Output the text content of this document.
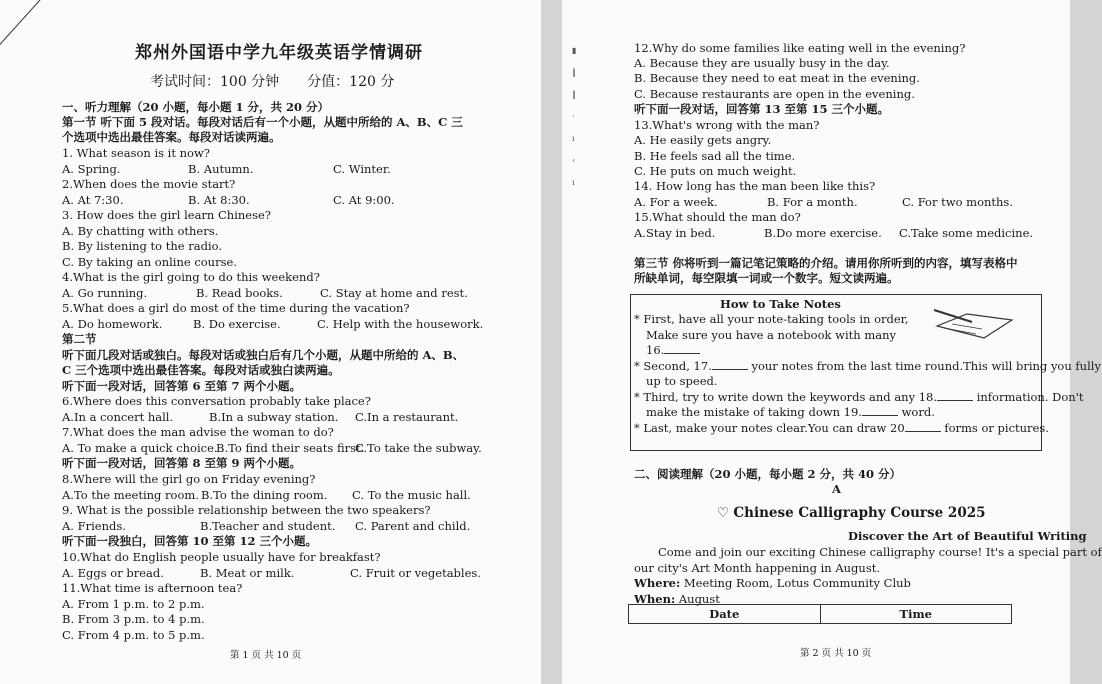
郑州外国语中学九年级英语学情调研
考试时间：100 分钟　　分值：120 分
一、听力理解（20 小题，每小题 1 分，共 20 分）
第一节 听下面 5 段对话。每段对话后有一个小题，从题中所给的 A、B、C 三
个选项中选出最佳答案。每段对话读两遍。
1. What season is it now?
A. Spring.	B. Autumn.	C. Winter.
2.When does the movie start?
A. At 7:30.	B. At 8:30.	C. At 9:00.
3. How does the girl learn Chinese?
A. By chatting with others.
B. By listening to the radio.
C. By taking an online course.
4.What is the girl going to do this weekend?
A. Go running.	B. Read books.	C. Stay at home and rest.
5.What does a girl do most of the time during the vacation?
A. Do homework.	B. Do exercise.	C. Help with the housework.
第二节
听下面几段对话或独白。每段对话或独白后有几个小题，从题中所给的 A、B、
C 三个选项中选出最佳答案。每段对话或独白读两遍。
听下面一段对话，回答第 6 至第 7 两个小题。
6.Where does this conversation probably take place?
A.In a concert hall.	B.In a subway station. C.In a restaurant.
7.What does the man advise the woman to do?
A. To make a quick choice.
B.To find their seats first.
C.To take the subway.
听下面一段对话，回答第 8 至第 9 两个小题。
8.Where will the girl go on Friday evening?
A.To the meeting room. B.To the dining room. C. To the music hall.
9. What is the possible relationship between the two speakers?
A. Friends.	B.Teacher and student. C. Parent and child.
听下面一段独白，回答第 10 至第 12 三个小题。
10.What do English people usually have for breakfast?
A. Eggs or bread.	B. Meat or milk.	C. Fruit or vegetables.
11.What time is afternoon tea?
A. From 1 p.m. to 2 p.m.
B. From 3 p.m. to 4 p.m.
C. From 4 p.m. to 5 p.m.
第 1 页 共 10 页
▮
‖
‖
·
ı
‹
ı
12.Why do some families like eating well in the evening?
A. Because they are usually busy in the day.
B. Because they need to eat meat in the evening.
C. Because restaurants are open in the evening.
听下面一段对话，回答第 13 至第 15 三个小题。
13.What's wrong with the man?
A. He easily gets angry.
B. He feels sad all the time.
C. He puts on much weight.
14. How long has the man been like this?
A. For a week.	B. For a month.	C. For two months.
15.What should the man do?
A.Stay in bed.	B.Do more exercise. C.Take some medicine.
第三节 你将听到一篇记笔记策略的介绍。请用你所听到的内容，填写表格中
所缺单词，每空限填一词或一个数字。短文读两遍。
How to Take Notes
* First, have all your note-taking tools in order,
Make sure you have a notebook with many
16.
* Second, 17.	your notes from the last time round.This will bring you fully
up to speed.
* Third, try to write down the keywords and any 18.	information. Don't
make the mistake of taking down 19.	word.
* Last, make your notes clear.You can draw 20	forms or pictures.
二、阅读理解（20 小题，每小题 2 分，共 40 分）
A
♡ Chinese Calligraphy Course 2025
Discover the Art of Beautiful Writing
Come and join our exciting Chinese calligraphy course! It's a special part of
our city's Art Month happening in August.
Where: Meeting Room, Lotus Community Club
When: August
Date	Time
第 2 页 共 10 页
